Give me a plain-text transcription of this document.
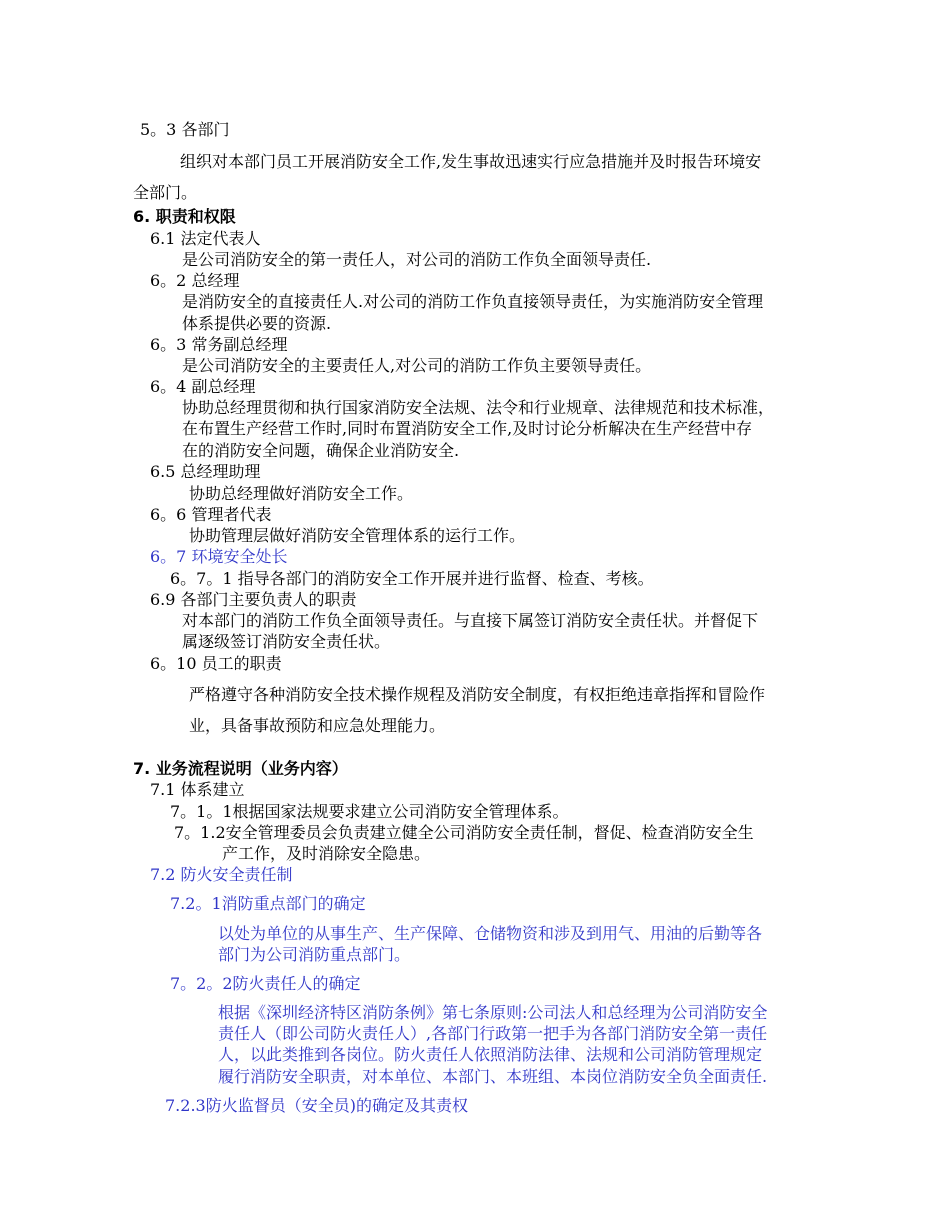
5。3 各部门
组织对本部门员工开展消防安全工作,发生事故迅速实行应急措施并及时报告环境安
全部门。
6. 职责和权限
6.1 法定代表人
是公司消防安全的第一责任人，对公司的消防工作负全面领导责任.
6。2 总经理
是消防安全的直接责任人.对公司的消防工作负直接领导责任，为实施消防安全管理
体系提供必要的资源.
6。3 常务副总经理
是公司消防安全的主要责任人,对公司的消防工作负主要领导责任。
6。4 副总经理
协助总经理贯彻和执行国家消防安全法规、法令和行业规章、法律规范和技术标准，
在布置生产经营工作时,同时布置消防安全工作,及时讨论分析解决在生产经营中存
在的消防安全问题，确保企业消防安全.
6.5 总经理助理
协助总经理做好消防安全工作。
6。6 管理者代表
协助管理层做好消防安全管理体系的运行工作。
6。7 环境安全处长
6。7。1 指导各部门的消防安全工作开展并进行监督、检查、考核。
6.9 各部门主要负责人的职责
对本部门的消防工作负全面领导责任。与直接下属签订消防安全责任状。并督促下
属逐级签订消防安全责任状。
6。10 员工的职责
严格遵守各种消防安全技术操作规程及消防安全制度，有权拒绝违章指挥和冒险作
业，具备事故预防和应急处理能力。
7. 业务流程说明（业务内容）
7.1 体系建立
7。1。1根据国家法规要求建立公司消防安全管理体系。
7。1.2安全管理委员会负责建立健全公司消防安全责任制，督促、检查消防安全生
产工作，及时消除安全隐患。
7.2 防火安全责任制
7.2。1消防重点部门的确定
以处为单位的从事生产、生产保障、仓储物资和涉及到用气、用油的后勤等各
部门为公司消防重点部门。
7。2。2防火责任人的确定
根据《深圳经济特区消防条例》第七条原则:公司法人和总经理为公司消防安全
责任人（即公司防火责任人）,各部门行政第一把手为各部门消防安全第一责任
人，以此类推到各岗位。防火责任人依照消防法律、法规和公司消防管理规定
履行消防安全职责，对本单位、本部门、本班组、本岗位消防安全负全面责任.
7.2.3防火监督员（安全员)的确定及其责权
